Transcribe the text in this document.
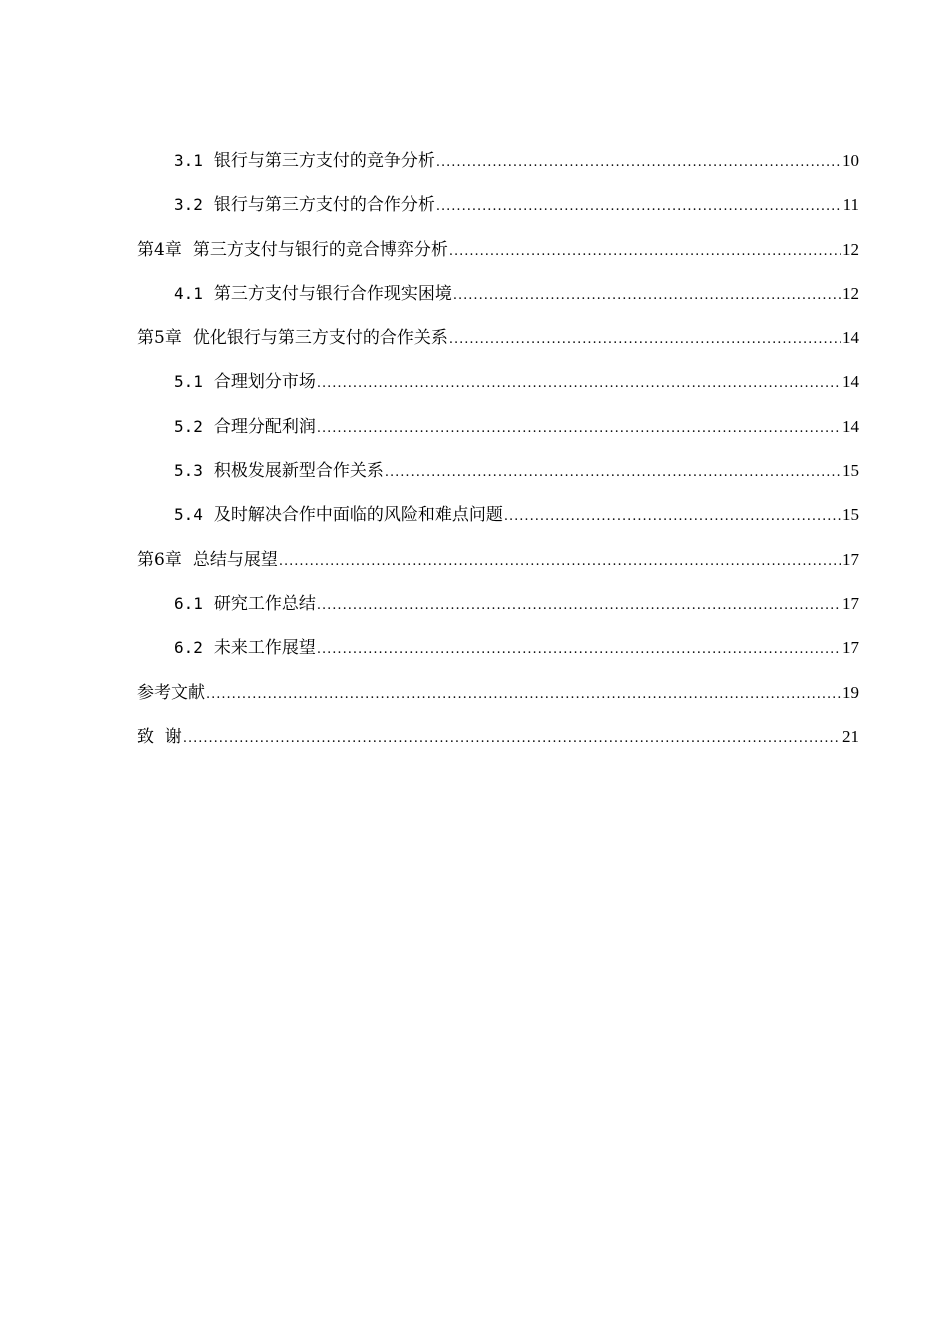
3.1 银行与第三方支付的竞争分析 .....	10
3.2 银行与第三方支付的合作分析 .....	11
第4章 第三方支付与银行的竞合博弈分析 .....	12
4.1 第三方支付与银行合作现实困境 .....	12
第5章 优化银行与第三方支付的合作关系 .....	14
5.1 合理划分市场 .....	14
5.2 合理分配利润 .....	14
5.3 积极发展新型合作关系 .....	15
5.4 及时解决合作中面临的风险和难点问题 .....	15
第6章 总结与展望 .....	17
6.1 研究工作总结 .....	17
6.2 未来工作展望 .....	17
参考文献 .....	19
致  谢 .....	21
